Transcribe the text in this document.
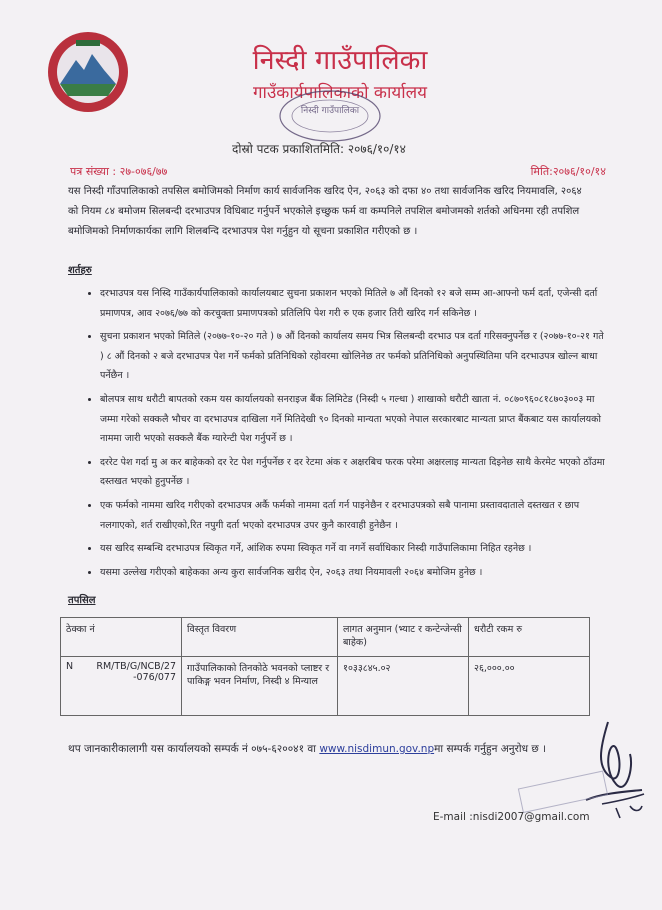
निस्दी गाउँपालिका
गाउँकार्यपालिकाको कार्यालय
निस्दी गाउँपालिका
दोस्रो पटक प्रकाशितमिति: २०७६/१०/१४
पत्र संख्या : २७-०७६/७७	मिति:२०७६/१०/१४
यस निस्दी गाँउपालिकाको तपसिल बमोजिमको निर्माण कार्य सार्वजनिक खरिद ऐन, २०६३ को दफा ४० तथा सार्वजनिक खरिद नियमावलि, २०६४ को नियम ८४ बमोजम सिलबन्दी दरभाउपत्र विधिबाट गर्नुपर्ने भएकोले इच्छुक फर्म वा कम्पनिले तपशिल बमोजमको शर्तको अधिनमा रही तपशिल बमोजिमको निर्माणकार्यका लागि शिलबन्दि दरभाउपत्र पेश गर्नुहुन यो सूचना प्रकाशित गरीएको छ ।
शर्तहरु
• दरभाउपत्र यस निस्दि गाउँकार्यपालिकाको कार्यालयबाट सुचना प्रकाशन भएको मितिले ७ औं दिनको १२ बजे सम्म आ-आफ्नो फर्म दर्ता, एजेन्सी दर्ता प्रमाणपत्र, आव २०७६/७७ को करचुक्ता प्रमाणपत्रको प्रतिलिपि पेश गरी रु एक हजार तिरी खरिद गर्न सकिनेछ ।
• सुचना प्रकाशन भएको मितिले (२०७७-१०-२० गते ) ७ औं दिनको कार्यालय समय भित्र सिलबन्दी दरभाउ पत्र दर्ता गरिसक्नुपर्नेछ र (२०७७-१०-२१ गते ) ८ औं दिनको २ बजे दरभाउपत्र पेश गर्ने फर्मको प्रतिनिधिको रहोवरमा खोलिनेछ तर फर्मको प्रतिनिधिको अनुपस्थितिमा पनि दरभाउपत्र खोल्न बाधा पर्नेछैन ।
• बोलपत्र साथ धरौटी बापतको रकम यस कार्यालयको सनराइज बैंक लिमिटेड (निस्दी ५ गल्धा ) शाखाको धरौटी खाता नं. ०८७०९६०८१८७०३००३ मा जम्मा गरेको सक्कलै भौचर वा दरभाउपत्र दाखिला गर्ने मितिदेखी ९० दिनको मान्यता भएको नेपाल सरकारबाट मान्यता प्राप्त बैंकबाट यस कार्यालयको नाममा जारी भएको सक्कलै बैंक ग्यारेन्टी पेश गर्नुपर्ने छ ।
• दररेट पेश गर्दा मु अ कर बाहेकको दर रेट पेश गर्नुपर्नेछ र दर रेटमा अंक र अक्षरबिच फरक परेमा अक्षरलाइ मान्यता दिइनेछ साथै केरमेट भएको ठाँउमा दस्तखत भएको हुनुपर्नेछ ।
• एक फर्मको नाममा खरिद गरीएको दरभाउपत्र अर्कै फर्मको नाममा दर्ता गर्न पाइनेछैन र दरभाउपत्रको सबै पानामा प्रस्तावदाताले दस्तखत र छाप नलगाएको, शर्त राखीएको,रित नपुगी दर्ता भएको दरभाउपत्र उपर कुनै कारवाही हुनेछैन ।
• यस खरिद सम्बन्धि दरभाउपत्र स्विकृत गर्ने, आंशिक रुपमा स्विकृत गर्ने वा नगर्ने सर्वाधिकार निस्दी गाउँपालिकामा निहित रहनेछ ।
• यसमा उल्लेख गरीएको बाहेकका अन्य कुरा सार्वजनिक खरीद ऐन, २०६३ तथा नियमावली २०६४ बमोजिम हुनेछ ।
तपसिल
ठेक्का नं	विस्तृत विवरण	लागत अनुमान (भ्याट र कन्टेन्जेन्सी बाहेक)	धरौटी रकम रु

N RM/TB/G/NCB/27-076/077	गाउँपालिकाको तिनकोठे भवनको प्लाष्टर र पाकिङ्ग भवन निर्माण, निस्दी ४ मिन्याल	१०३३८४५.०२	२६,०००.००
थप जानकारीकालागी यस कार्यालयको सम्पर्क नं ०७५-६२००४१ वा www.nisdimun.gov.npमा सम्पर्क गर्नुहुन अनुरोध छ ।
E-mail :nisdi2007@gmail.com
